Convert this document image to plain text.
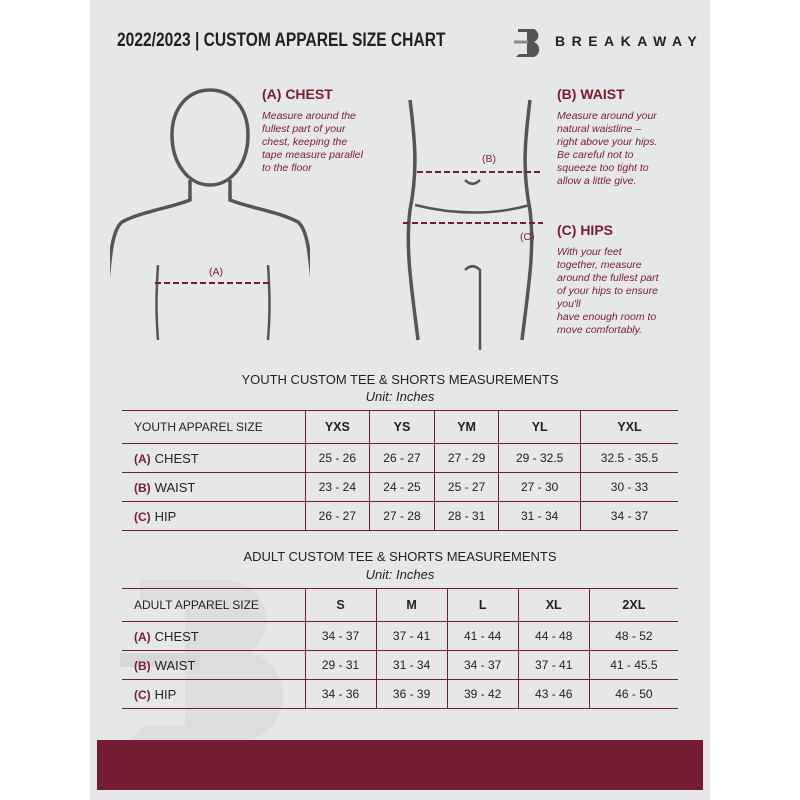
2022/2023 | CUSTOM APPAREL SIZE CHART	BREAKAWAY
(A)
(B)
(C)
(A) CHEST
Measure around the
fullest part of your
chest, keeping the
tape measure parallel
to the floor
(B) WAIST
Measure around your
natural waistline –
right above your hips.
Be careful not to
squeeze too tight to
allow a little give.
(C) HIPS
With your feet
together, measure
around the fullest part
of your hips to ensure
you'll
have enough room to
move comfortably.
YOUTH CUSTOM TEE & SHORTS MEASUREMENTS
Unit: Inches
YOUTH APPAREL SIZE	YXS	YS	YM	YL	YXL
(A) CHEST	25 - 26	26 - 27	27 - 29	29 - 32.5	32.5 - 35.5
(B) WAIST	23 - 24	24 - 25	25 - 27	27 - 30	30 - 33
(C) HIP	26 - 27	27 - 28	28 - 31	31 - 34	34 - 37
ADULT CUSTOM TEE & SHORTS MEASUREMENTS
Unit: Inches
ADULT APPAREL SIZE	S	M	L	XL	2XL
(A) CHEST	34 - 37	37 - 41	41 - 44	44 - 48	48 - 52
(B) WAIST	29 - 31	31 - 34	34 - 37	37 - 41	41 - 45.5
(C) HIP	34 - 36	36 - 39	39 - 42	43 - 46	46 - 50
